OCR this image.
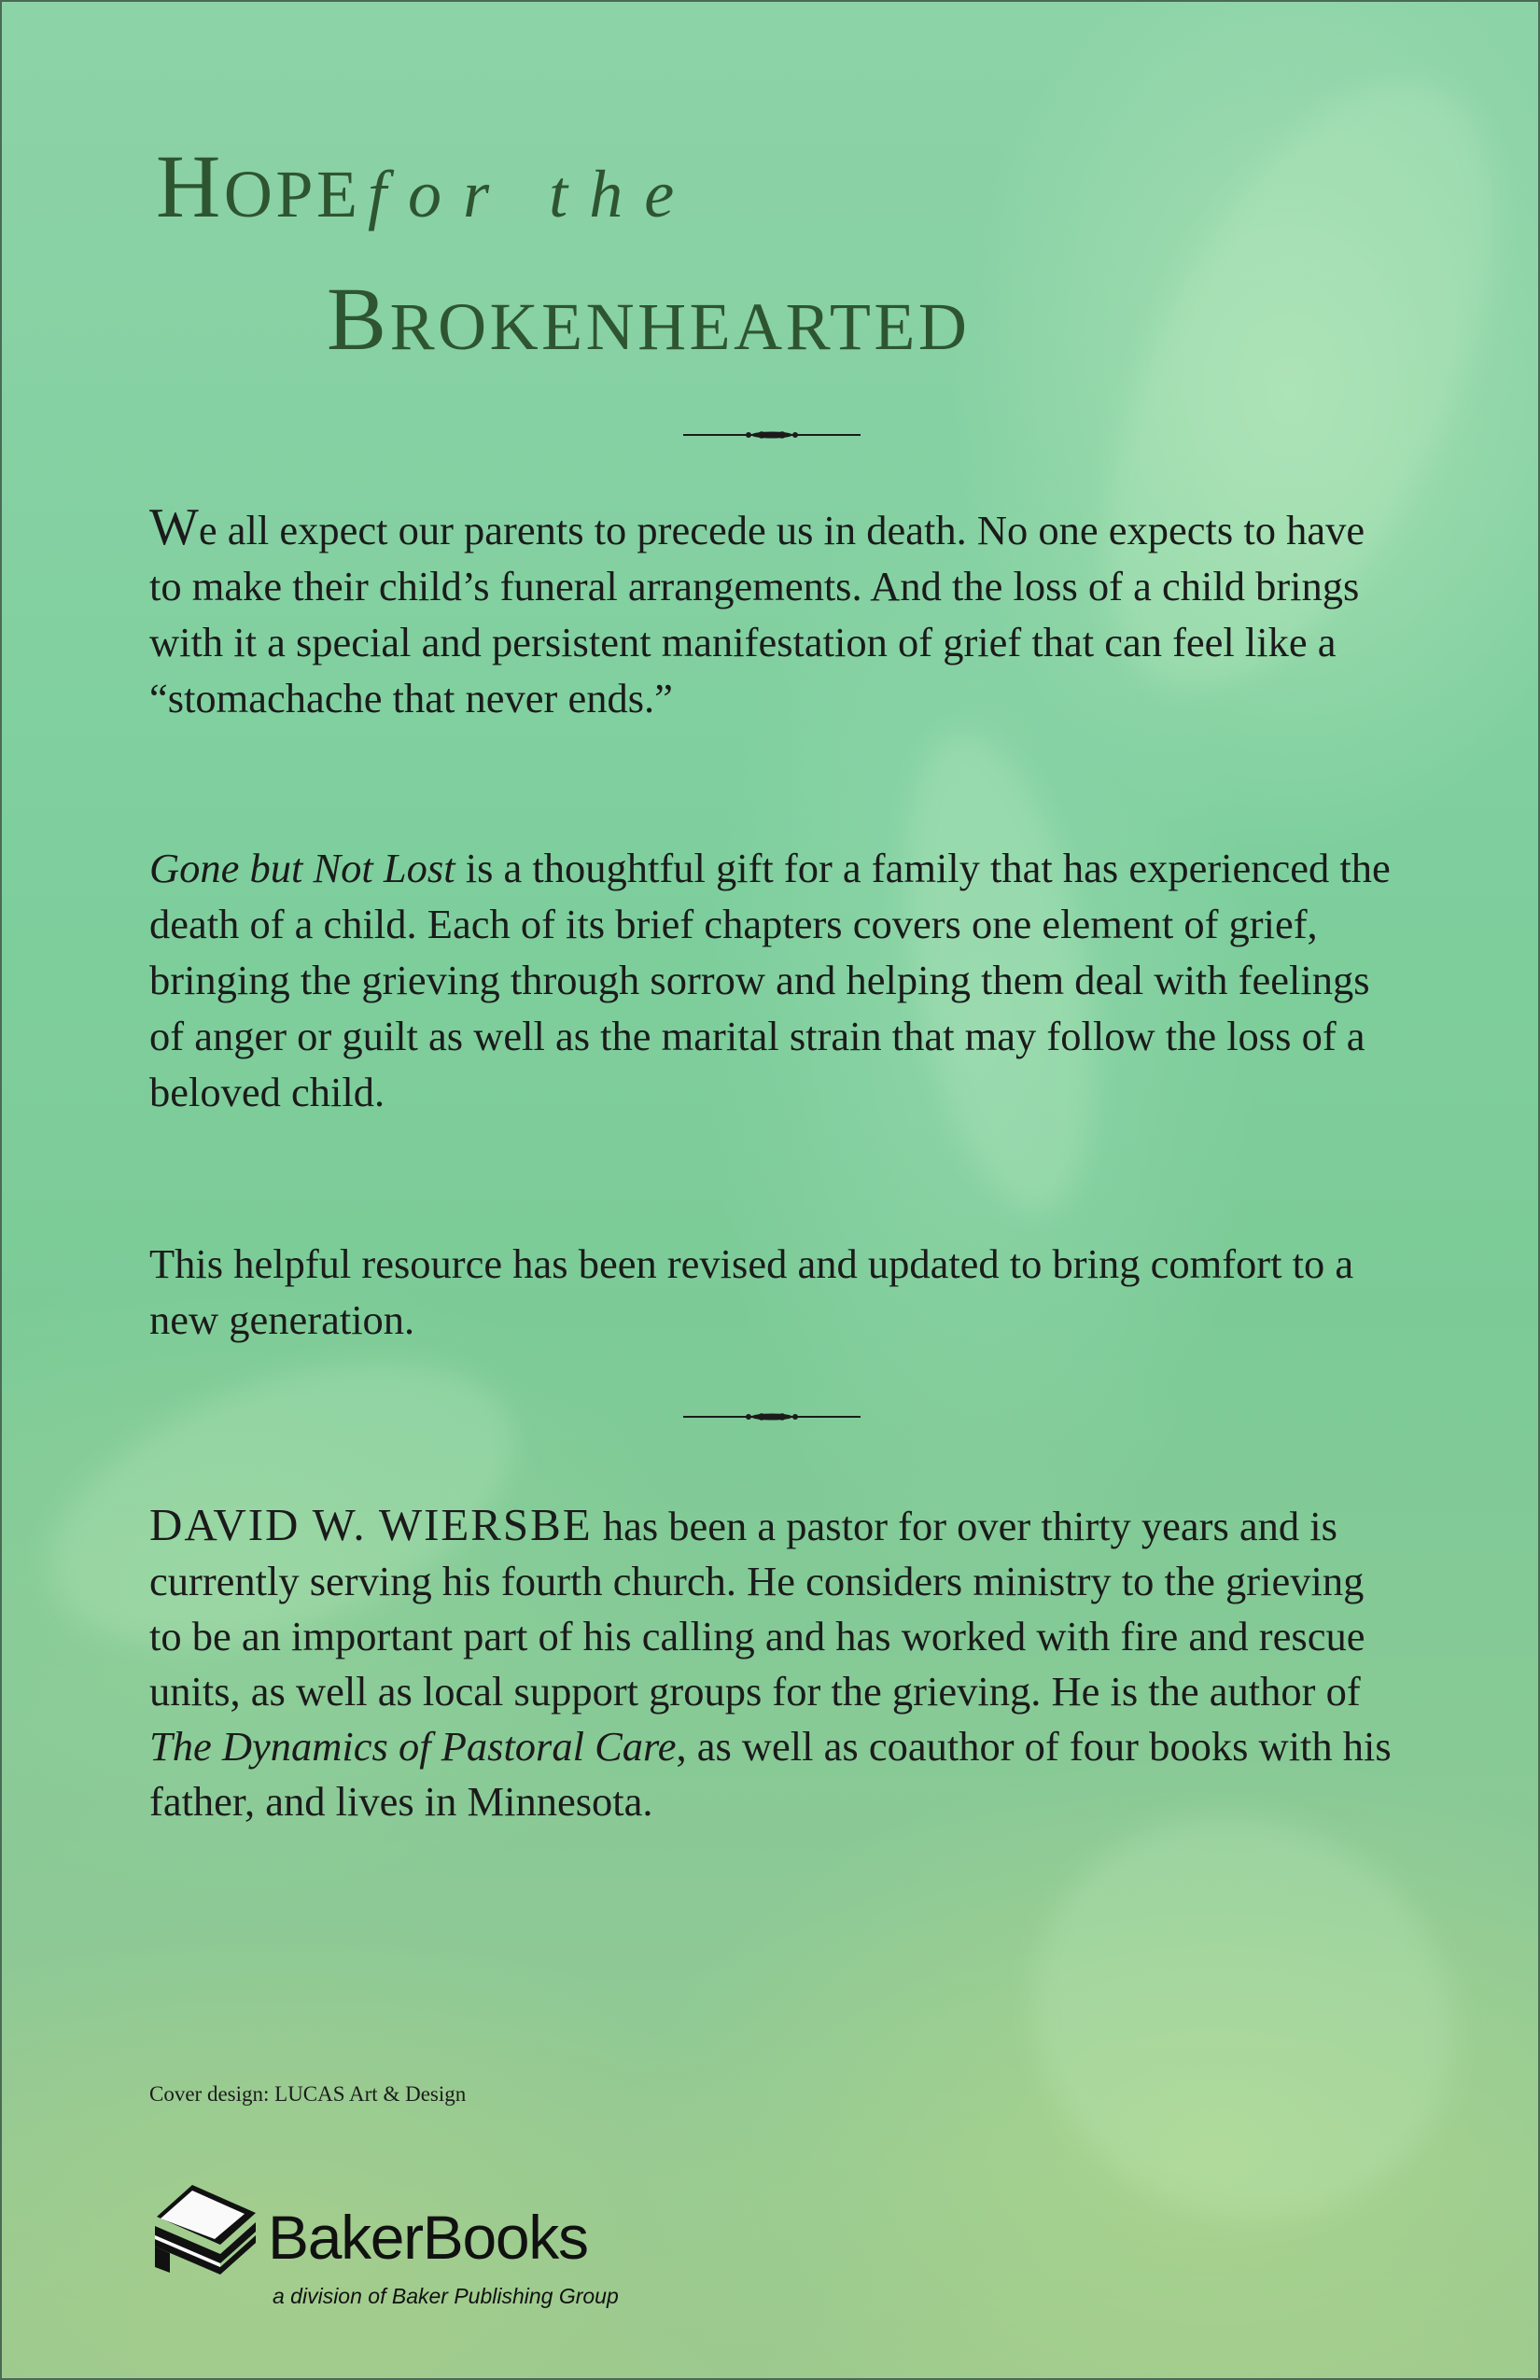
HOPE for the
BROKENHEARTED

We all expect our parents to precede us in death. No one expects to have to make their child’s funeral arrangements. And the loss of a child brings with it a special and persistent manifestation of grief that can feel like a “stomachache that never ends.”

Gone but Not Lost is a thoughtful gift for a family that has experienced the death of a child. Each of its brief chapters covers one element of grief, bringing the grieving through sorrow and helping them deal with feelings of anger or guilt as well as the marital strain that may follow the loss of a beloved child.

This helpful resource has been revised and updated to bring comfort to a new generation.

DAVID W. WIERSBE has been a pastor for over thirty years and is currently serving his fourth church. He considers ministry to the grieving to be an important part of his calling and has worked with fire and rescue units, as well as local support groups for the grieving. He is the author of The Dynamics of Pastoral Care, as well as coauthor of four books with his father, and lives in Minnesota.

Cover design: LUCAS Art & Design
BakerBooks
a division of Baker Publishing Group
